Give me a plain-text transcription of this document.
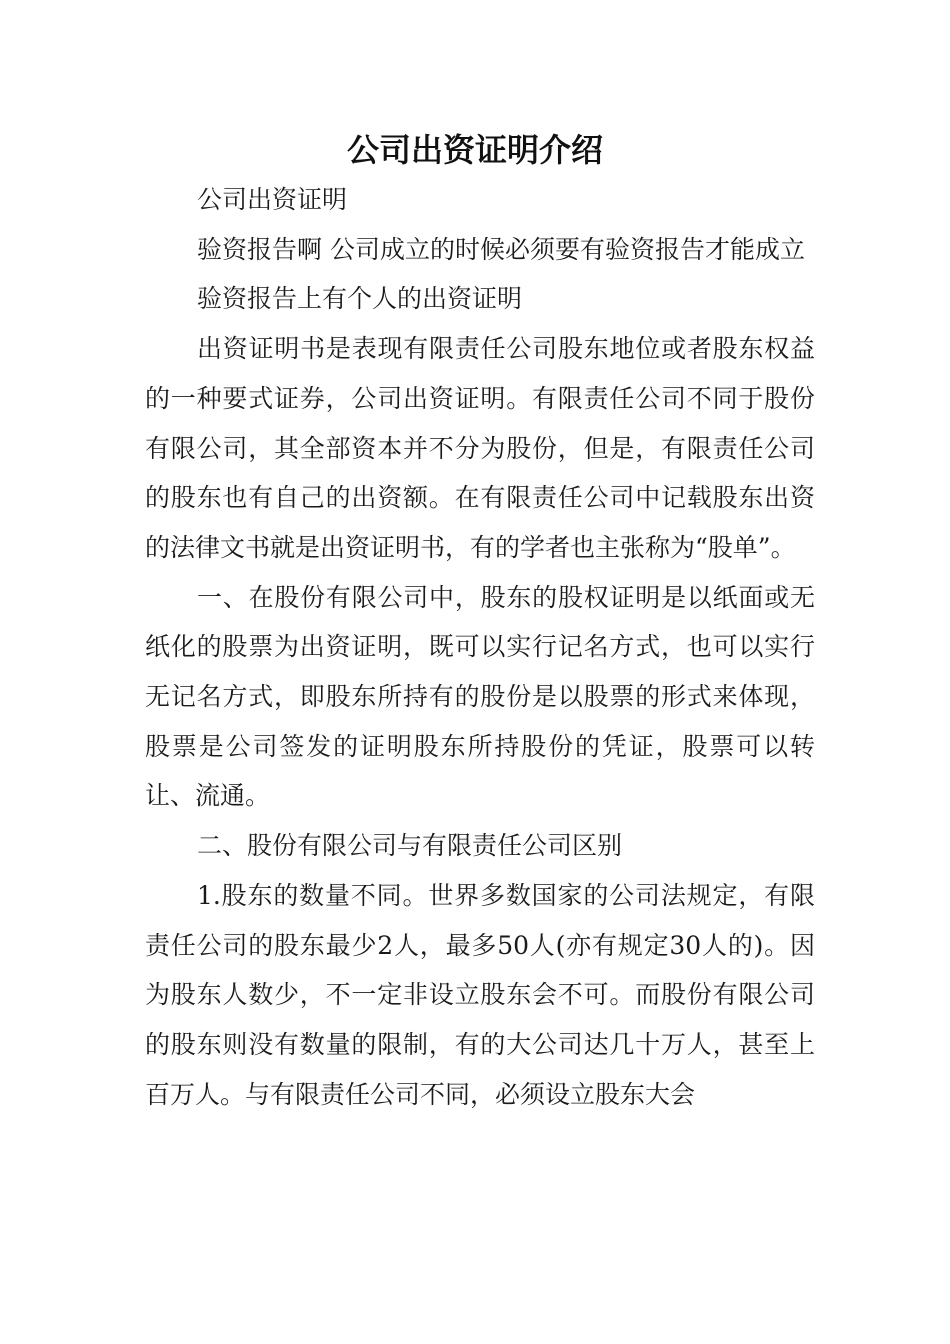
公司出资证明介绍

公司出资证明

验资报告啊 公司成立的时候必须要有验资报告才能成立

验资报告上有个人的出资证明

出资证明书是表现有限责任公司股东地位或者股东权益的一种要式证券，公司出资证明。有限责任公司不同于股份有限公司，其全部资本并不分为股份，但是，有限责任公司的股东也有自己的出资额。在有限责任公司中记载股东出资的法律文书就是出资证明书，有的学者也主张称为“股单”。

一、在股份有限公司中，股东的股权证明是以纸面或无纸化的股票为出资证明，既可以实行记名方式，也可以实行无记名方式，即股东所持有的股份是以股票的形式来体现，股票是公司签发的证明股东所持股份的凭证，股票可以转让、流通。

二、股份有限公司与有限责任公司区别

1.股东的数量不同。世界多数国家的公司法规定，有限责任公司的股东最少2人，最多50人(亦有规定30人的)。因为股东人数少，不一定非设立股东会不可。而股份有限公司的股东则没有数量的限制，有的大公司达几十万人，甚至上百万人。与有限责任公司不同，必须设立股东大会
